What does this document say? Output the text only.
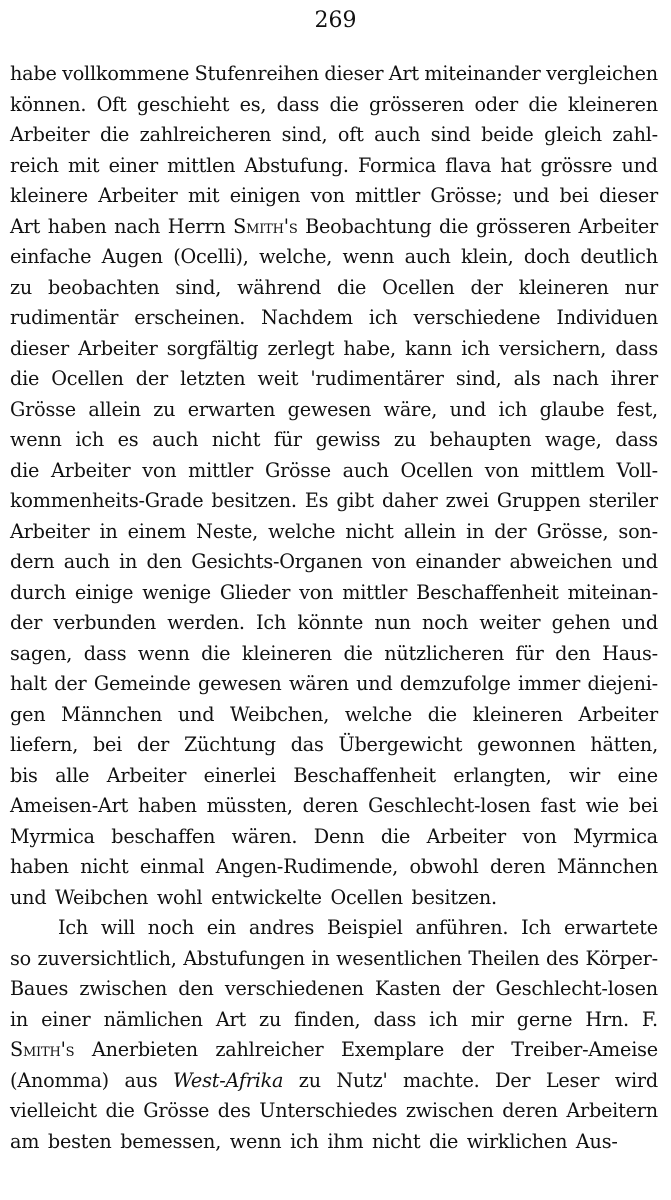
269
habe vollkommene Stufenreihen dieser Art miteinander vergleichen
können. Oft geschieht es, dass die grösseren oder die kleineren
Arbeiter die zahlreicheren sind, oft auch sind beide gleich zahl-
reich mit einer mittlen Abstufung. Formica flava hat grössre und
kleinere Arbeiter mit einigen von mittler Grösse; und bei dieser
Art haben nach Herrn Smith's Beobachtung die grösseren Arbeiter
einfache Augen (Ocelli), welche, wenn auch klein, doch deutlich
zu beobachten sind, während die Ocellen der kleineren nur
rudimentär erscheinen. Nachdem ich verschiedene Individuen
dieser Arbeiter sorgfältig zerlegt habe, kann ich versichern, dass
die Ocellen der letzten weit 'rudimentärer sind, als nach ihrer
Grösse allein zu erwarten gewesen wäre, und ich glaube fest,
wenn ich es auch nicht für gewiss zu behaupten wage, dass
die Arbeiter von mittler Grösse auch Ocellen von mittlem Voll-
kommenheits-Grade besitzen. Es gibt daher zwei Gruppen steriler
Arbeiter in einem Neste, welche nicht allein in der Grösse, son-
dern auch in den Gesichts-Organen von einander abweichen und
durch einige wenige Glieder von mittler Beschaffenheit miteinan-
der verbunden werden. Ich könnte nun noch weiter gehen und
sagen, dass wenn die kleineren die nützlicheren für den Haus-
halt der Gemeinde gewesen wären und demzufolge immer diejeni-
gen Männchen und Weibchen, welche die kleineren Arbeiter
liefern, bei der Züchtung das Übergewicht gewonnen hätten,
bis alle Arbeiter einerlei Beschaffenheit erlangten, wir eine
Ameisen-Art haben müssten, deren Geschlecht-losen fast wie bei
Myrmica beschaffen wären. Denn die Arbeiter von Myrmica
haben nicht einmal Angen-Rudimende, obwohl deren Männchen
und Weibchen wohl entwickelte Ocellen besitzen.
Ich will noch ein andres Beispiel anführen. Ich erwartete
so zuversichtlich, Abstufungen in wesentlichen Theilen des Körper-
Baues zwischen den verschiedenen Kasten der Geschlecht-losen
in einer nämlichen Art zu finden, dass ich mir gerne Hrn. F.
Smith's Anerbieten zahlreicher Exemplare der Treiber-Ameise
(Anomma) aus West-Afrika zu Nutz' machte. Der Leser wird
vielleicht die Grösse des Unterschiedes zwischen deren Arbeitern
am besten bemessen, wenn ich ihm nicht die wirklichen Aus-
